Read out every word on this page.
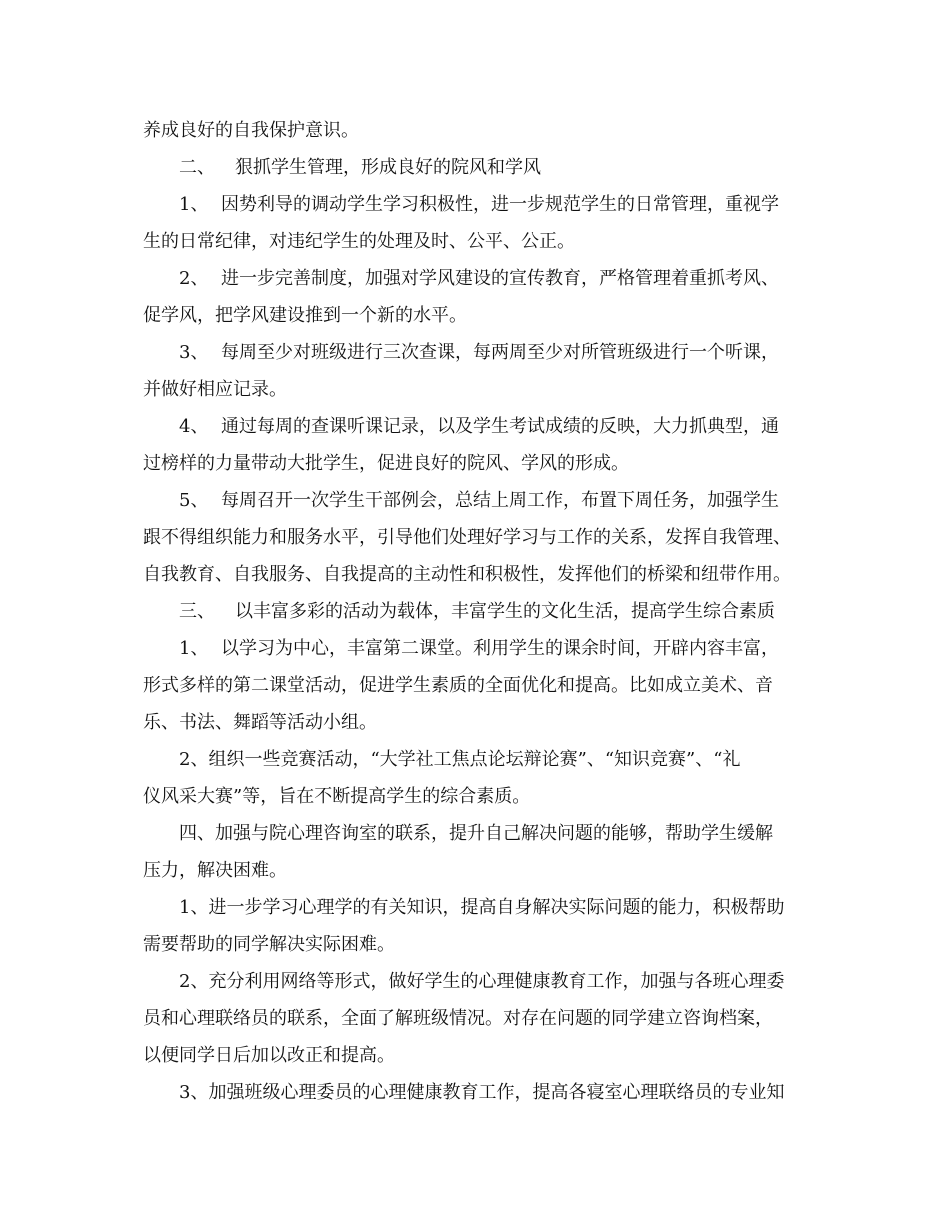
养成良好的自我保护意识。
二、 狠抓学生管理，形成良好的院风和学风
1、 因势利导的调动学生学习积极性，进一步规范学生的日常管理，重视学
生的日常纪律，对违纪学生的处理及时、公平、公正。
2、 进一步完善制度，加强对学风建设的宣传教育，严格管理着重抓考风、
促学风，把学风建设推到一个新的水平。
3、 每周至少对班级进行三次查课，每两周至少对所管班级进行一个听课，
并做好相应记录。
4、 通过每周的查课听课记录，以及学生考试成绩的反映，大力抓典型，通
过榜样的力量带动大批学生，促进良好的院风、学风的形成。
5、 每周召开一次学生干部例会，总结上周工作，布置下周任务，加强学生
跟不得组织能力和服务水平，引导他们处理好学习与工作的关系，发挥自我管理、
自我教育、自我服务、自我提高的主动性和积极性，发挥他们的桥梁和纽带作用。
三、 以丰富多彩的活动为载体，丰富学生的文化生活，提高学生综合素质
1、 以学习为中心，丰富第二课堂。利用学生的课余时间，开辟内容丰富，
形式多样的第二课堂活动，促进学生素质的全面优化和提高。比如成立美术、音
乐、书法、舞蹈等活动小组。
2、组织一些竞赛活动，“大学社工焦点论坛辩论赛”、“知识竞赛”、“礼
仪风采大赛”等，旨在不断提高学生的综合素质。
四、加强与院心理咨询室的联系，提升自己解决问题的能够，帮助学生缓解
压力，解决困难。
1、进一步学习心理学的有关知识，提高自身解决实际问题的能力，积极帮助
需要帮助的同学解决实际困难。
2、充分利用网络等形式，做好学生的心理健康教育工作，加强与各班心理委
员和心理联络员的联系，全面了解班级情况。对存在问题的同学建立咨询档案，
以便同学日后加以改正和提高。
3、加强班级心理委员的心理健康教育工作，提高各寝室心理联络员的专业知
